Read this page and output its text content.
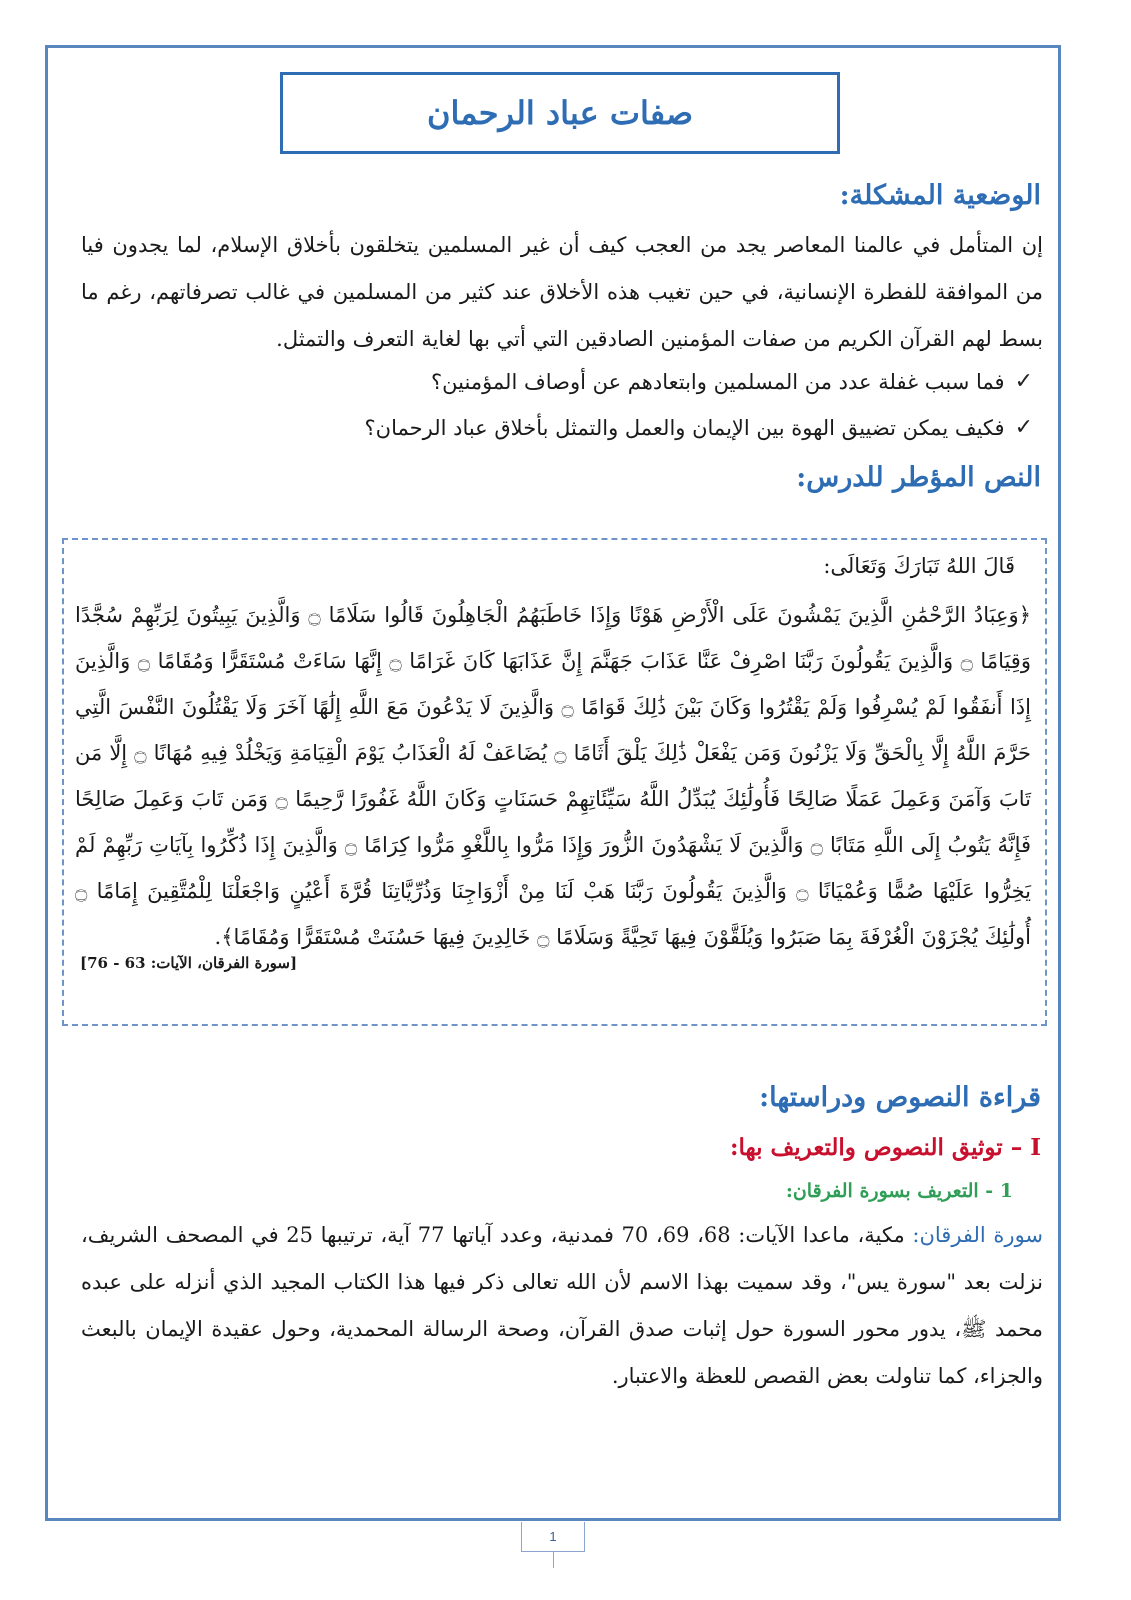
صفات عباد الرحمان
الوضعية المشكلة:

إن المتأمل في عالمنا المعاصر يجد من العجب كيف أن غير المسلمين يتخلقون بأخلاق الإسلام، لما يجدون فيا من الموافقة للفطرة الإنسانية، في حين تغيب هذه الأخلاق عند كثير من المسلمين في غالب تصرفاتهم، رغم ما بسط لهم القرآن الكريم من صفات المؤمنين الصادقين التي أتي بها لغاية التعرف والتمثل.

✓
فما سبب غفلة عدد من المسلمين وابتعادهم عن أوصاف المؤمنين؟
✓
فكيف يمكن تضييق الهوة بين الإيمان والعمل والتمثل بأخلاق عباد الرحمان؟
النص المؤطر للدرس:

قَالَ اللهُ تَبَارَكَ وَتَعَالَى:

﴿وَعِبَادُ الرَّحْمَٰنِ الَّذِينَ يَمْشُونَ عَلَى الْأَرْضِ هَوْنًا وَإِذَا خَاطَبَهُمُ الْجَاهِلُونَ قَالُوا سَلَامًا ۝ وَالَّذِينَ يَبِيتُونَ لِرَبِّهِمْ سُجَّدًا وَقِيَامًا ۝ وَالَّذِينَ يَقُولُونَ رَبَّنَا اصْرِفْ عَنَّا عَذَابَ جَهَنَّمَ إِنَّ عَذَابَهَا كَانَ غَرَامًا ۝ إِنَّهَا سَاءَتْ مُسْتَقَرًّا وَمُقَامًا ۝ وَالَّذِينَ إِذَا أَنفَقُوا لَمْ يُسْرِفُوا وَلَمْ يَقْتُرُوا وَكَانَ بَيْنَ ذَٰلِكَ قَوَامًا ۝ وَالَّذِينَ لَا يَدْعُونَ مَعَ اللَّهِ إِلَٰهًا آخَرَ وَلَا يَقْتُلُونَ النَّفْسَ الَّتِي حَرَّمَ اللَّهُ إِلَّا بِالْحَقِّ وَلَا يَزْنُونَ وَمَن يَفْعَلْ ذَٰلِكَ يَلْقَ أَثَامًا ۝ يُضَاعَفْ لَهُ الْعَذَابُ يَوْمَ الْقِيَامَةِ وَيَخْلُدْ فِيهِ مُهَانًا ۝ إِلَّا مَن تَابَ وَآمَنَ وَعَمِلَ عَمَلًا صَالِحًا فَأُولَٰئِكَ يُبَدِّلُ اللَّهُ سَيِّئَاتِهِمْ حَسَنَاتٍ وَكَانَ اللَّهُ غَفُورًا رَّحِيمًا ۝ وَمَن تَابَ وَعَمِلَ صَالِحًا فَإِنَّهُ يَتُوبُ إِلَى اللَّهِ مَتَابًا ۝ وَالَّذِينَ لَا يَشْهَدُونَ الزُّورَ وَإِذَا مَرُّوا بِاللَّغْوِ مَرُّوا كِرَامًا ۝ وَالَّذِينَ إِذَا ذُكِّرُوا بِآيَاتِ رَبِّهِمْ لَمْ يَخِرُّوا عَلَيْهَا صُمًّا وَعُمْيَانًا ۝ وَالَّذِينَ يَقُولُونَ رَبَّنَا هَبْ لَنَا مِنْ أَزْوَاجِنَا وَذُرِّيَّاتِنَا قُرَّةَ أَعْيُنٍ وَاجْعَلْنَا لِلْمُتَّقِينَ إِمَامًا ۝ أُولَٰئِكَ يُجْزَوْنَ الْغُرْفَةَ بِمَا صَبَرُوا وَيُلَقَّوْنَ فِيهَا تَحِيَّةً وَسَلَامًا ۝ خَالِدِينَ فِيهَا حَسُنَتْ مُسْتَقَرًّا وَمُقَامًا﴾.

[سورة الفرقان، الآيات: 63 - 76]

قراءة النصوص ودراستها:
I – توثيق النصوص والتعريف بها:
1 - التعريف بسورة الفرقان:

سورة الفرقان: مكية، ماعدا الآيات: 68، 69، 70 فمدنية، وعدد آياتها 77 آية، ترتيبها 25 في المصحف الشريف، نزلت بعد "سورة يس"، وقد سميت بهذا الاسم لأن الله تعالى ذكر فيها هذا الكتاب المجيد الذي أنزله على عبده محمد ﷺ، يدور محور السورة حول إثبات صدق القرآن، وصحة الرسالة المحمدية، وحول عقيدة الإيمان بالبعث والجزاء، كما تناولت بعض القصص للعظة والاعتبار.

1
